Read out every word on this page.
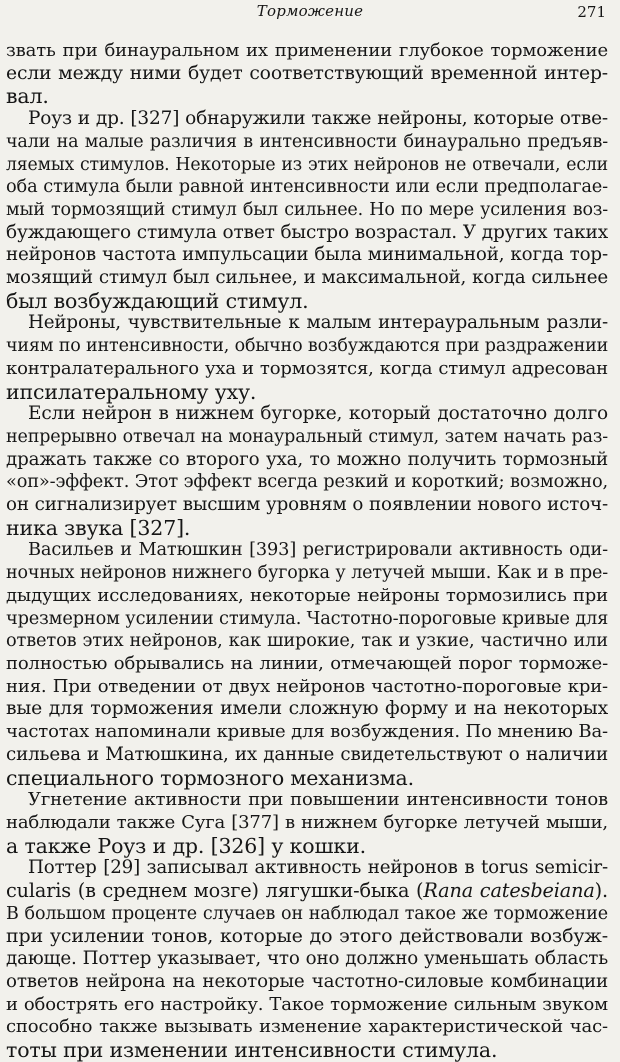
Торможение	271

звать при бинауральном их применении глубокое торможение

если между ними будет соответствующий временной интер-

вал.

Роуз и др. [327] обнаружили также нейроны, которые отве-

чали на малые различия в интенсивности бинаурально предъяв-

ляемых стимулов. Некоторые из этих нейронов не отвечали, если

оба стимула были равной интенсивности или если предполагае-

мый тормозящий стимул был сильнее. Но по мере усиления воз-

буждающего стимула ответ быстро возрастал. У других таких

нейронов частота импульсации была минимальной, когда тор-

мозящий стимул был сильнее, и максимальной, когда сильнее

был возбуждающий стимул.

Нейроны, чувствительные к малым интерауральным разли-

чиям по интенсивности, обычно возбуждаются при раздражении

контралатерального уха и тормозятся, когда стимул адресован

ипсилатеральному уху.

Если нейрон в нижнем бугорке, который достаточно долго

непрерывно отвечал на монауральный стимул, затем начать раз-

дражать также со второго уха, то можно получить тормозный

«оп»-эффект. Этот эффект всегда резкий и короткий; возможно,

он сигнализирует высшим уровням о появлении нового источ-

ника звука [327].

Васильев и Матюшкин [393] регистрировали активность оди-

ночных нейронов нижнего бугорка у летучей мыши. Как и в пре-

дыдущих исследованиях, некоторые нейроны тормозились при

чрезмерном усилении стимула. Частотно-пороговые кривые для

ответов этих нейронов, как широкие, так и узкие, частично или

полностью обрывались на линии, отмечающей порог торможе-

ния. При отведении от двух нейронов частотно-пороговые кри-

вые для торможения имели сложную форму и на некоторых

частотах напоминали кривые для возбуждения. По мнению Ва-

сильева и Матюшкина, их данные свидетельствуют о наличии

специального тормозного механизма.

Угнетение активности при повышении интенсивности тонов

наблюдали также Суга [377] в нижнем бугорке летучей мыши,

а также Роуз и др. [326] у кошки.

Поттер [29] записывал активность нейронов в torus semicir-

cularis (в среднем мозге) лягушки-быка (Rana catesbeiana).

В большом проценте случаев он наблюдал такое же торможение

при усилении тонов, которые до этого действовали возбуж-

дающе. Поттер указывает, что оно должно уменьшать область

ответов нейрона на некоторые частотно-силовые комбинации

и обострять его настройку. Такое торможение сильным звуком

способно также вызывать изменение характеристической час-

тоты при изменении интенсивности стимула.
